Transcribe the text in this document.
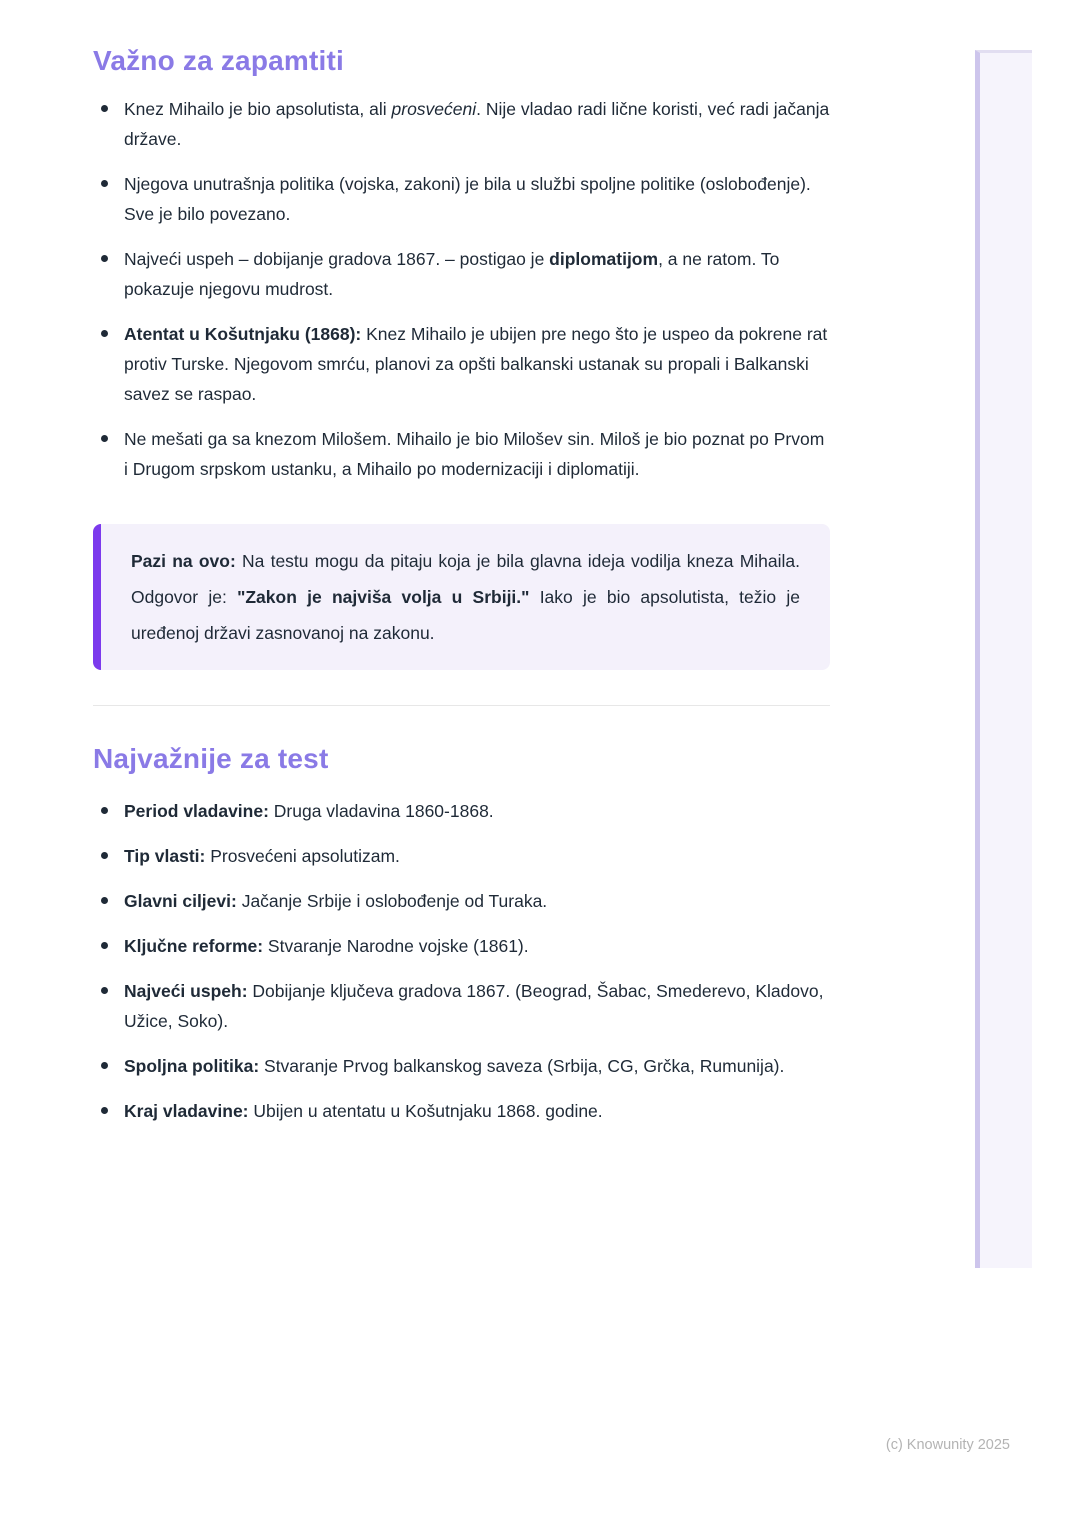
Važno za zapamtiti
Knez Mihailo je bio apsolutista, ali prosvećeni. Nije vladao radi lične koristi, već radi jačanja države.
Njegova unutrašnja politika (vojska, zakoni) je bila u službi spoljne politike (oslobođenje). Sve je bilo povezano.
Najveći uspeh – dobijanje gradova 1867. – postigao je diplomatijom, a ne ratom. To pokazuje njegovu mudrost.
Atentat u Košutnjaku (1868): Knez Mihailo je ubijen pre nego što je uspeo da pokrene rat protiv Turske. Njegovom smrću, planovi za opšti balkanski ustanak su propali i Balkanski savez se raspao.
Ne mešati ga sa knezom Milošem. Mihailo je bio Milošev sin. Miloš je bio poznat po Prvom i Drugom srpskom ustanku, a Mihailo po modernizaciji i diplomatiji.

Pazi na ovo: Na testu mogu da pitaju koja je bila glavna ideja vodilja kneza Mihaila. Odgovor je: "Zakon je najviša volja u Srbiji." Iako je bio apsolutista, težio je uređenoj državi zasnovanoj na zakonu.

Najvažnije za test
Period vladavine: Druga vladavina 1860-1868.
Tip vlasti: Prosvećeni apsolutizam.
Glavni ciljevi: Jačanje Srbije i oslobođenje od Turaka.
Ključne reforme: Stvaranje Narodne vojske (1861).
Najveći uspeh: Dobijanje ključeva gradova 1867. (Beograd, Šabac, Smederevo, Kladovo, Užice, Soko).
Spoljna politika: Stvaranje Prvog balkanskog saveza (Srbija, CG, Grčka, Rumunija).
Kraj vladavine: Ubijen u atentatu u Košutnjaku 1868. godine.
(c) Knowunity 2025
